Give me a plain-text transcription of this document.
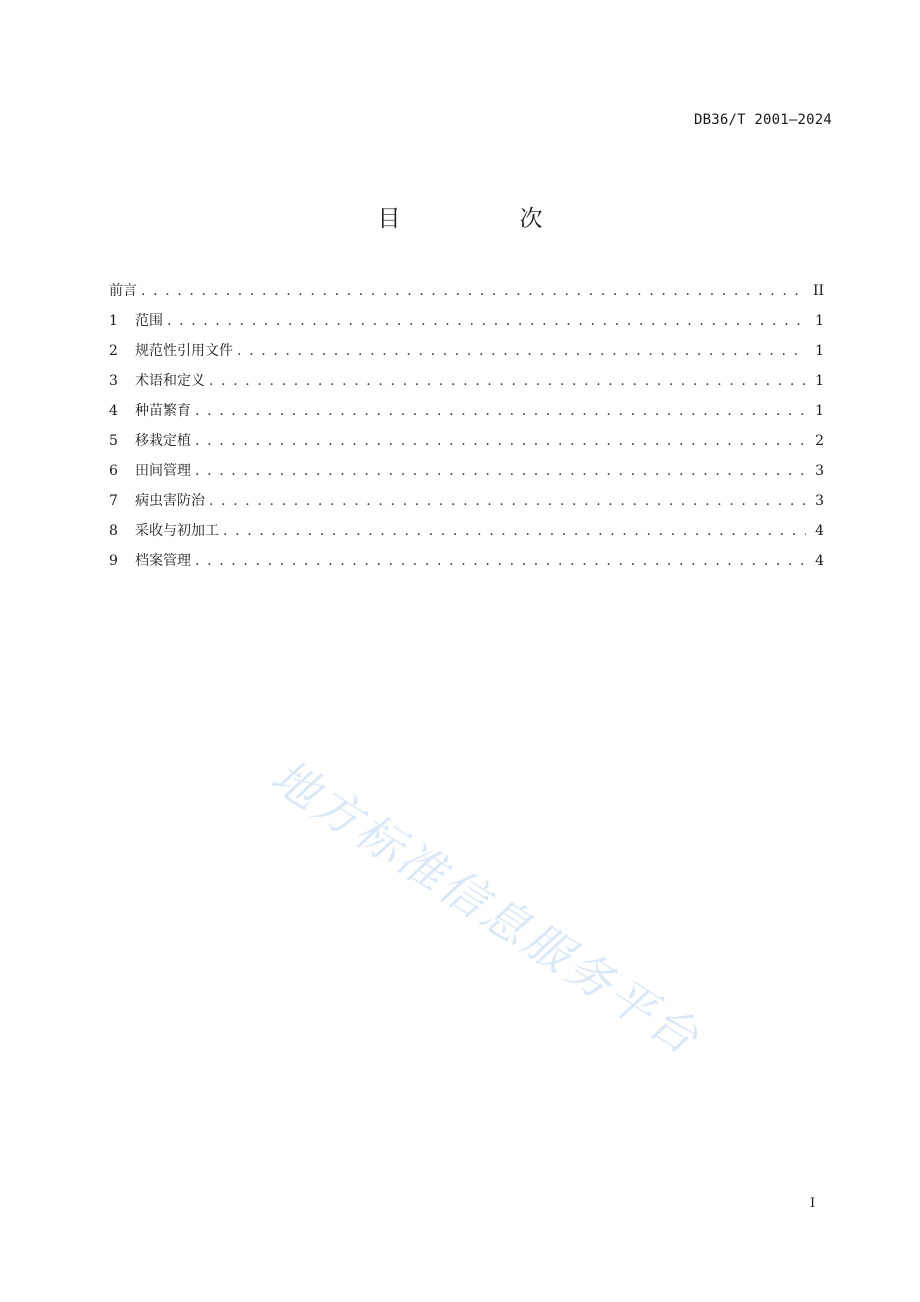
DB36/T 2001—2024
目　次
前言 . . .	II
1	范围 . . .	1
2	规范性引用文件 . . .	1
3	术语和定义 . . .	1
4	种苗繁育 . . .	1
5	移栽定植 . . .	2
6	田间管理 . . .	3
7	病虫害防治 . . .	3
8	采收与初加工 . . .	4
9	档案管理 . . .	4
地方标准信息服务平台
I
